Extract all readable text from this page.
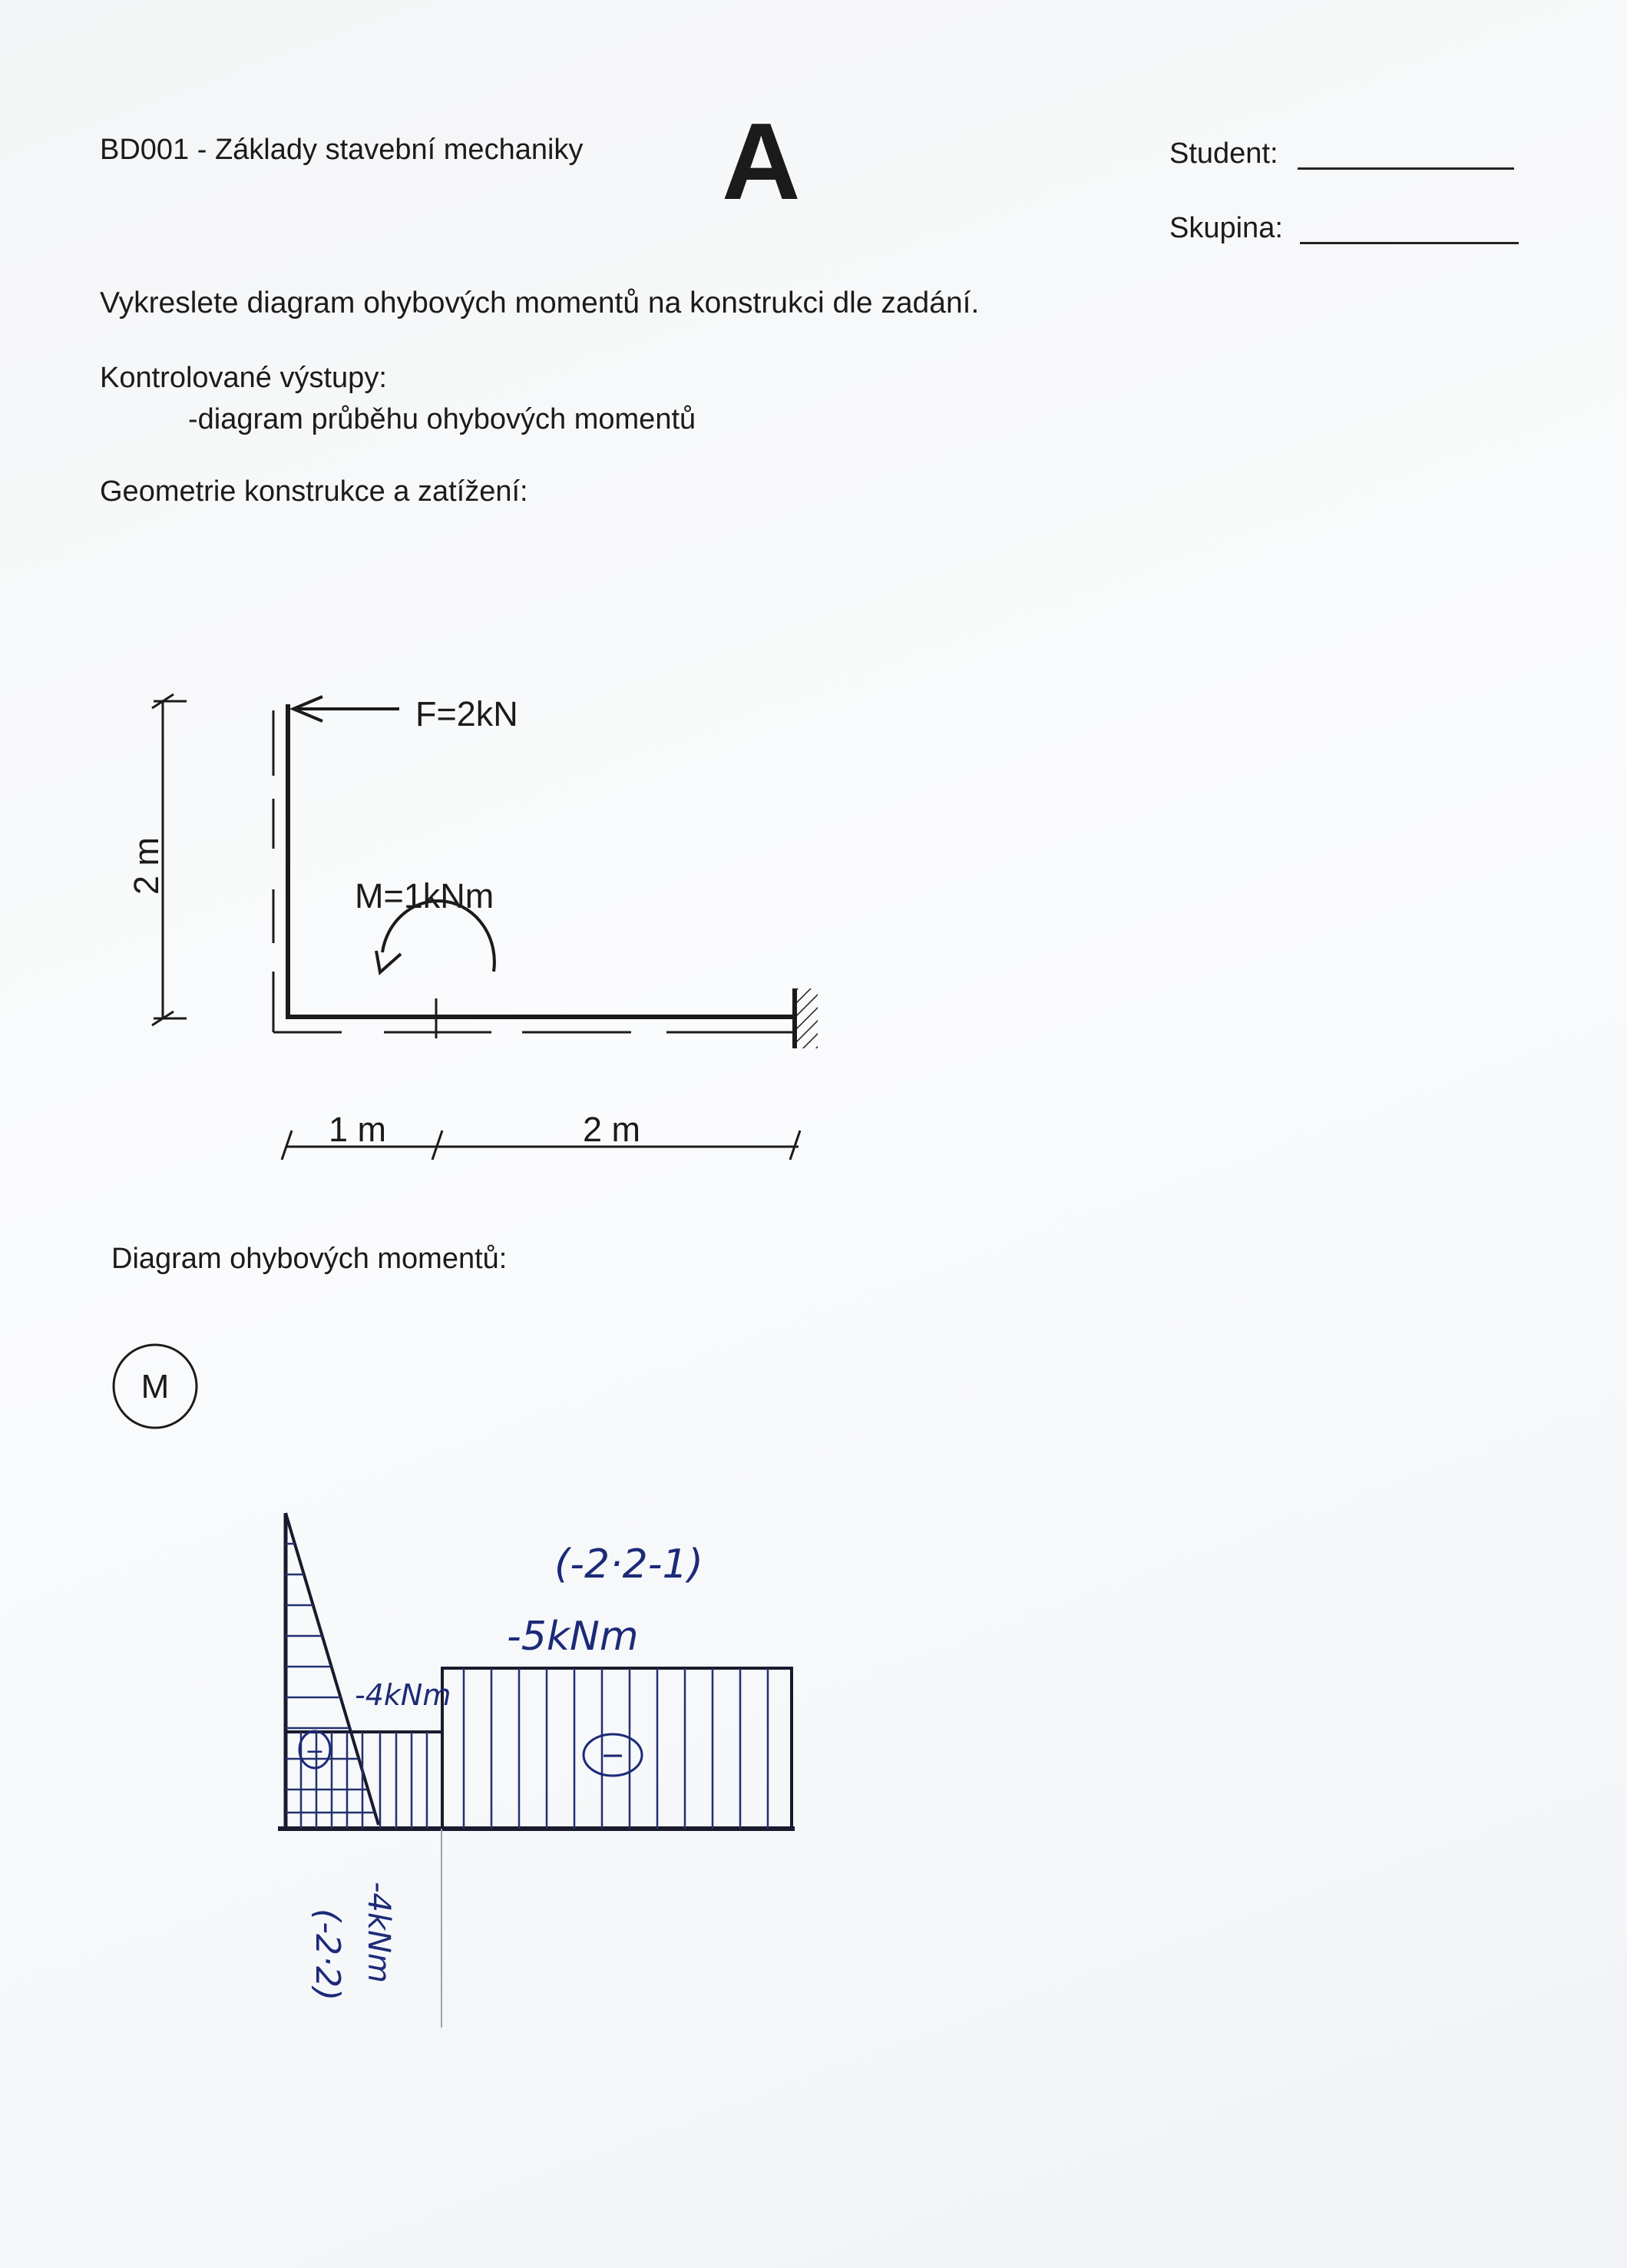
BD001 - Základy stavební mechaniky A	Student:
Skupina:
Vykreslete diagram ohybových momentů na konstrukci dle zadání.
Kontrolované výstupy:
-diagram průběhu ohybových momentů
Geometrie konstrukce a zatížení:
Diagram ohybových momentů:
F=2kN
M=1kNm
2 m
1 m	2 m
M
−	−
(-2·2-1)
-5kNm
-4kNm
-4kNm
(-2·2)
